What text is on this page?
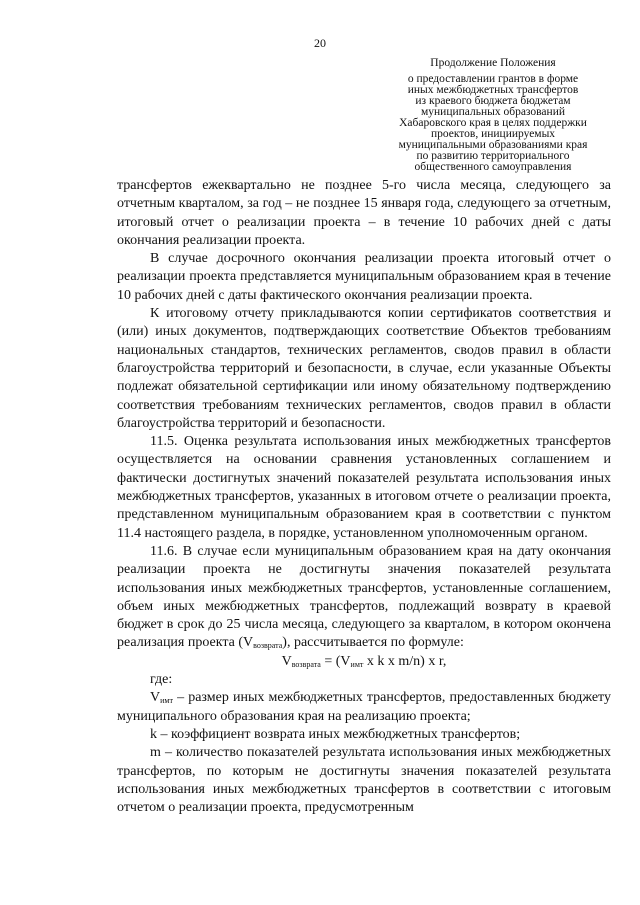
20
Продолжение Положения
о предоставлении грантов в форме
иных межбюджетных трансфертов
из краевого бюджета бюджетам
муниципальных образований
Хабаровского края в целях поддержки
проектов, инициируемых
муниципальными образованиями края
по развитию территориального
общественного самоуправления

трансфертов ежеквартально не позднее 5-го числа месяца, следующего за отчетным кварталом, за год – не позднее 15 января года, следующего за отчетным, итоговый отчет о реализации проекта – в течение 10 рабочих дней с даты окончания реализации проекта.

В случае досрочного окончания реализации проекта итоговый отчет о реализации проекта представляется муниципальным образованием края в течение 10 рабочих дней с даты фактического окончания реализации проекта.

К итоговому отчету прикладываются копии сертификатов соответствия и (или) иных документов, подтверждающих соответствие Объектов требованиям национальных стандартов, технических регламентов, сводов правил в области благоустройства территорий и безопасности, в случае, если указанные Объекты подлежат обязательной сертификации или иному обязательному подтверждению соответствия требованиям технических регламентов, сводов правил в области благоустройства территорий и безопасности.

11.5. Оценка результата использования иных межбюджетных трансфертов осуществляется на основании сравнения установленных соглашением и фактически достигнутых значений показателей результата использования иных межбюджетных трансфертов, указанных в итоговом отчете о реализации проекта, представленном муниципальным образованием края в соответствии с пунктом 11.4 настоящего раздела, в порядке, установленном уполномоченным органом.

11.6. В случае если муниципальным образованием края на дату окончания реализации проекта не достигнуты значения показателей результата использования иных межбюджетных трансфертов, установленные соглашением, объем иных межбюджетных трансфертов, подлежащий возврату в краевой бюджет в срок до 25 числа месяца, следующего за кварталом, в котором окончена реализация проекта $(V_{возврата})$, рассчитывается по формуле:

$V_{возврата} = (V_{имт}$ x k x m/n) x r,

где:

$V_{имт}$ – размер иных межбюджетных трансфертов, предоставленных бюджету муниципального образования края на реализацию проекта;

k – коэффициент возврата иных межбюджетных трансфертов;

m – количество показателей результата использования иных межбюджетных трансфертов, по которым не достигнуты значения показателей результата использования иных межбюджетных трансфертов в соответствии с итоговым отчетом о реализации проекта, предусмотренным
